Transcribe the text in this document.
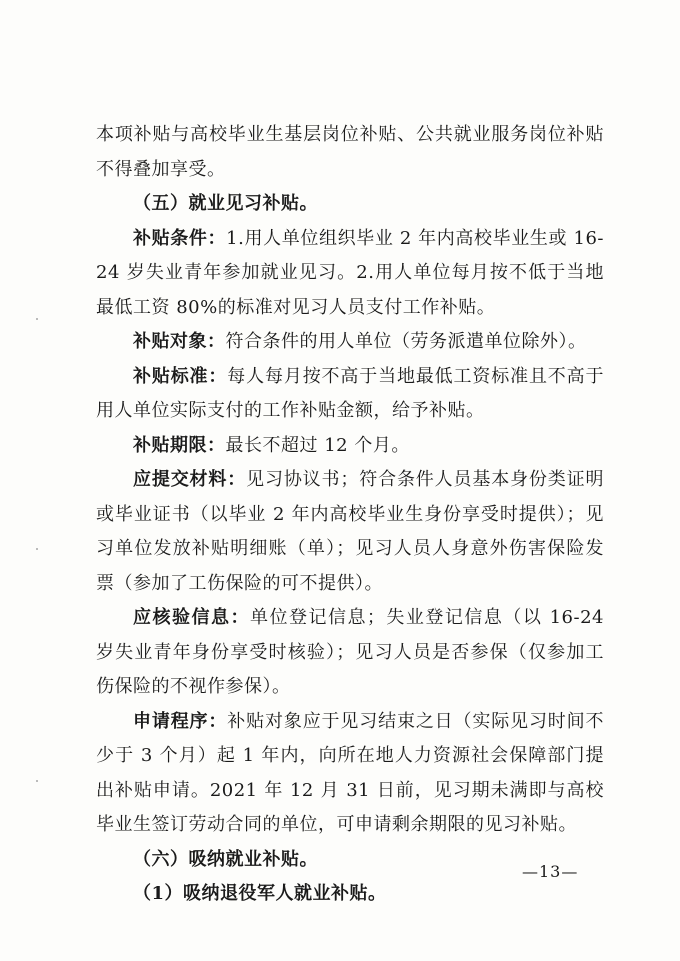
本项补贴与高校毕业生基层岗位补贴、公共就业服务岗位补贴不得叠加享受。

（五）就业见习补贴。

补贴条件：1.用人单位组织毕业 2 年内高校毕业生或 16-24 岁失业青年参加就业见习。2.用人单位每月按不低于当地最低工资 80%的标准对见习人员支付工作补贴。

补贴对象：符合条件的用人单位（劳务派遣单位除外）。

补贴标准：每人每月按不高于当地最低工资标准且不高于用人单位实际支付的工作补贴金额，给予补贴。

补贴期限：最长不超过 12 个月。

应提交材料：见习协议书；符合条件人员基本身份类证明或毕业证书（以毕业 2 年内高校毕业生身份享受时提供）；见习单位发放补贴明细账（单）；见习人员人身意外伤害保险发票（参加了工伤保险的可不提供）。

应核验信息：单位登记信息；失业登记信息（以 16-24 岁失业青年身份享受时核验）；见习人员是否参保（仅参加工伤保险的不视作参保）。

申请程序：补贴对象应于见习结束之日（实际见习时间不少于 3 个月）起 1 年内，向所在地人力资源社会保障部门提出补贴申请。2021 年 12 月 31 日前，见习期未满即与高校毕业生签订劳动合同的单位，可申请剩余期限的见习补贴。

（六）吸纳就业补贴。

（1）吸纳退役军人就业补贴。

—13—
